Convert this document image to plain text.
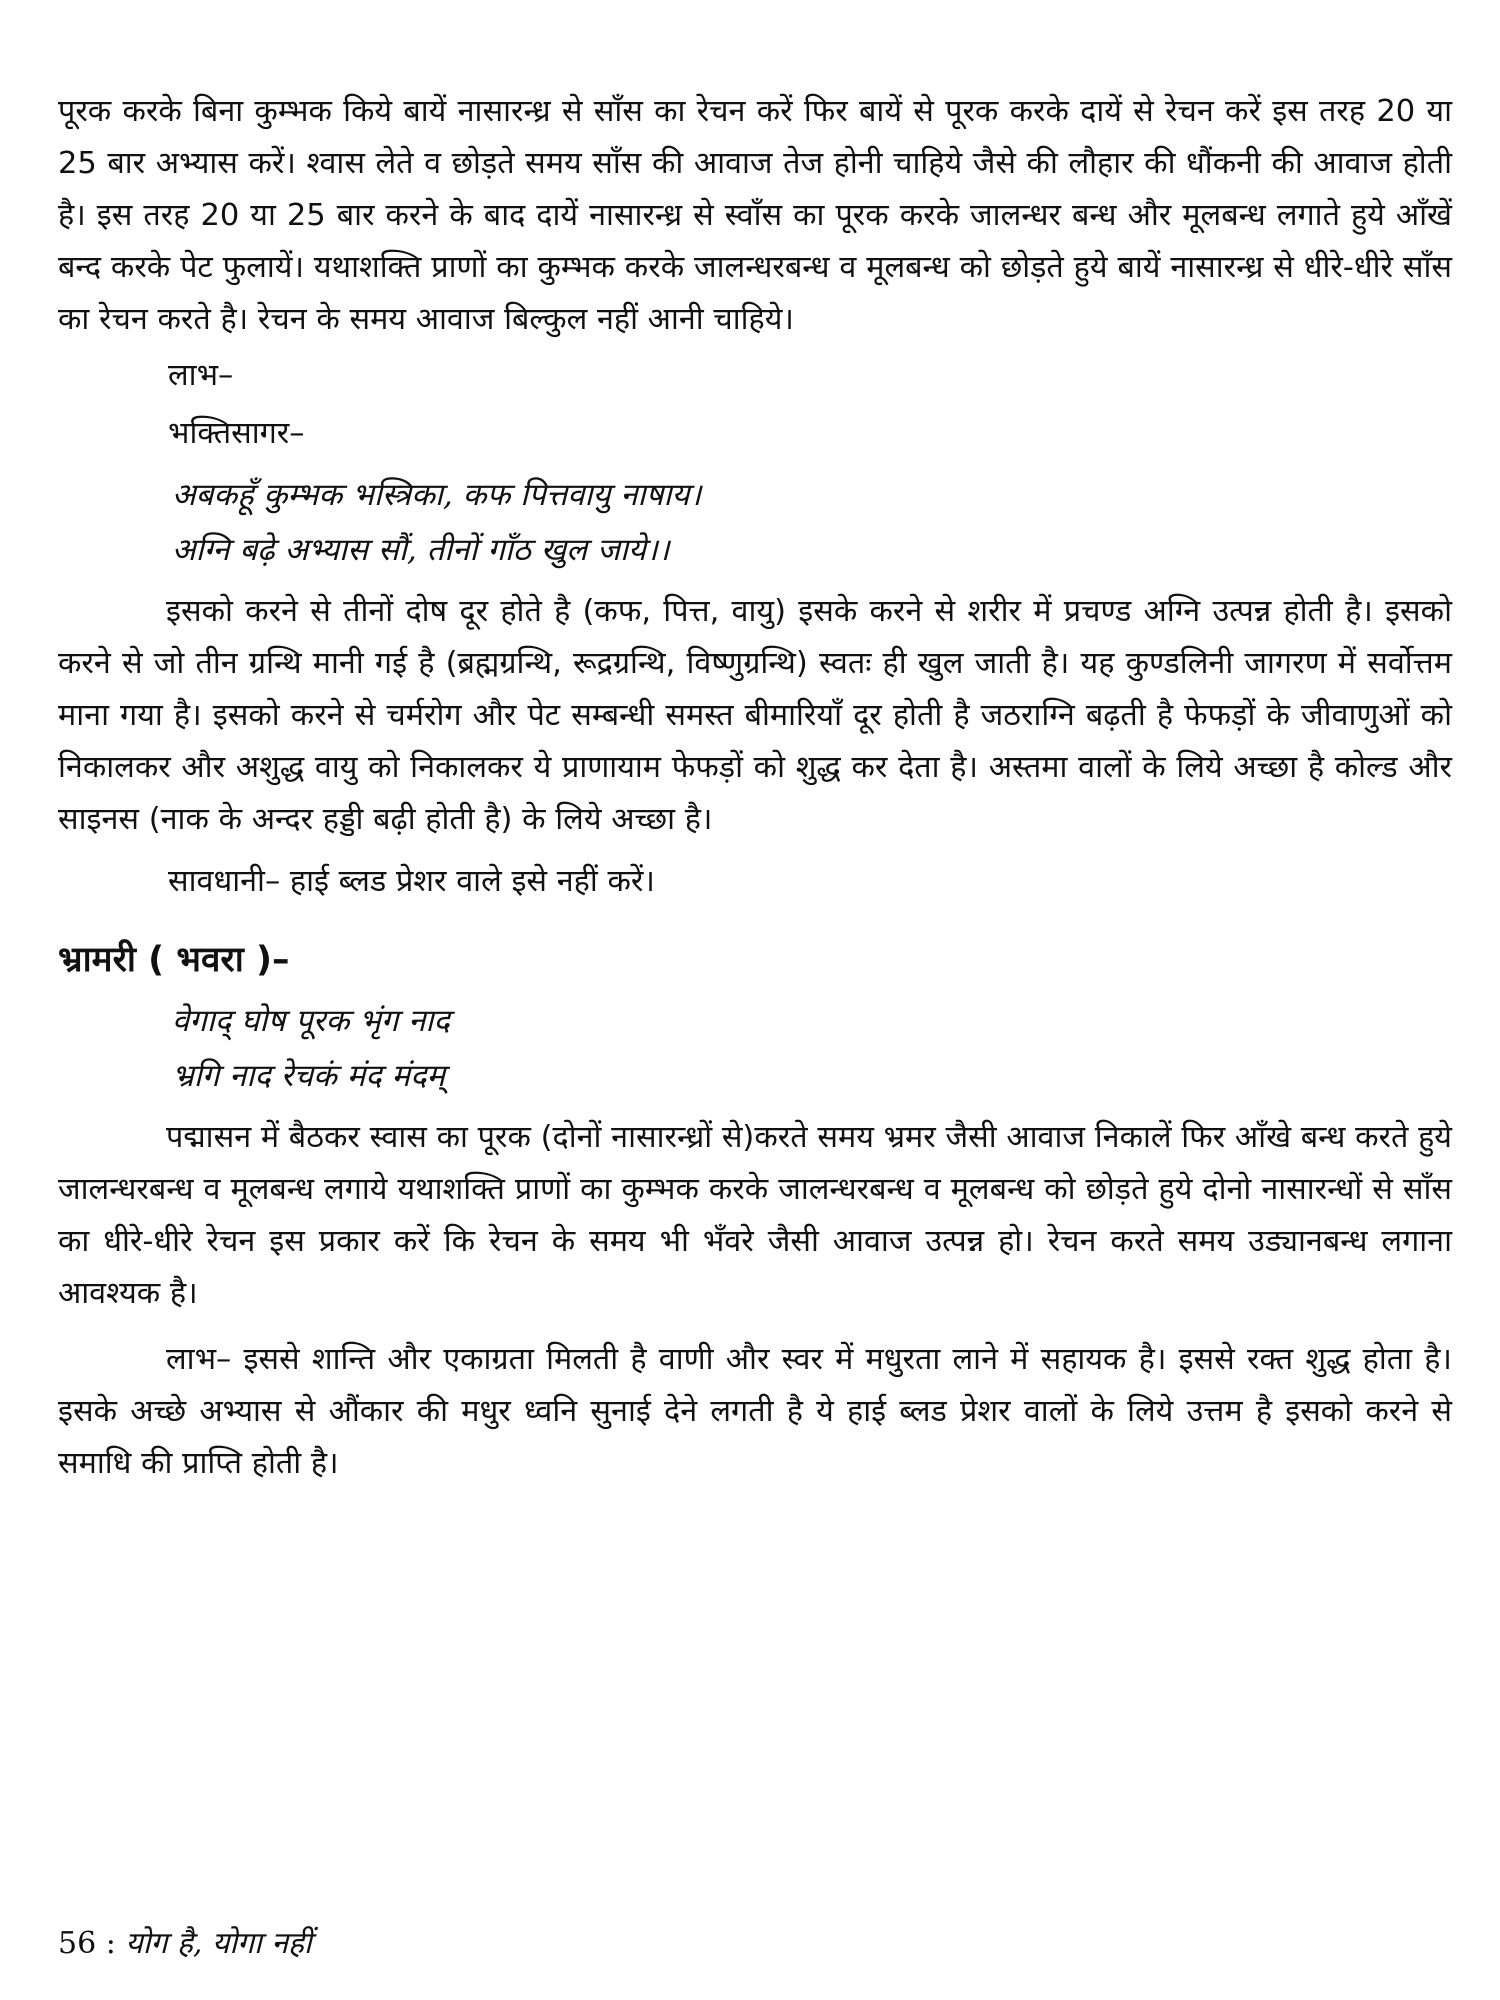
पूरक करके बिना कुम्भक किये बायें नासारन्ध्र से साँस का रेचन करें फिर बायें से पूरक करके दायें से रेचन करें इस तरह 20 या 25 बार अभ्यास करें। श्वास लेते व छोड़ते समय साँस की आवाज तेज होनी चाहिये जैसे की लौहार की धौंकनी की आवाज होती है। इस तरह 20 या 25 बार करने के बाद दायें नासारन्ध्र से स्वाँस का पूरक करके जालन्धर बन्ध और मूलबन्ध लगाते हुये आँखें बन्द करके पेट फुलायें। यथाशक्ति प्राणों का कुम्भक करके जालन्धरबन्ध व मूलबन्ध को छोड़ते हुये बायें नासारन्ध्र से धीरे-धीरे साँस का रेचन करते है। रेचन के समय आवाज बिल्कुल नहीं आनी चाहिये।

लाभ–
भक्तिसागर–
अबकहूँ कुम्भक भस्त्रिका, कफ पित्तवायु नाषाय।
अग्नि बढ़े अभ्यास सौं, तीनों गाँठ खुल जाये।।

इसको करने से तीनों दोष दूर होते है (कफ, पित्त, वायु) इसके करने से शरीर में प्रचण्ड अग्नि उत्पन्न होती है। इसको करने से जो तीन ग्रन्थि मानी गई है (ब्रह्मग्रन्थि, रूद्रग्रन्थि, विष्णुग्रन्थि) स्वतः ही खुल जाती है। यह कुण्डलिनी जागरण में सर्वोत्तम माना गया है। इसको करने से चर्मरोग और पेट सम्बन्धी समस्त बीमारियाँ दूर होती है जठराग्नि बढ़ती है फेफड़ों के जीवाणुओं को निकालकर और अशुद्ध वायु को निकालकर ये प्राणायाम फेफड़ों को शुद्ध कर देता है। अस्तमा वालों के लिये अच्छा है कोल्ड और साइनस (नाक के अन्दर हड्डी बढ़ी होती है) के लिये अच्छा है।

सावधानी– हाई ब्लड प्रेशर वाले इसे नहीं करें।
भ्रामरी ( भवरा )–
वेगाद् घोष पूरक भृंग नाद
भ्रगि नाद रेचकं मंद मंदम्

पद्मासन में बैठकर स्वास का पूरक (दोनों नासारन्ध्रों से)करते समय भ्रमर जैसी आवाज निकालें फिर आँखे बन्ध करते हुये जालन्धरबन्ध व मूलबन्ध लगाये यथाशक्ति प्राणों का कुम्भक करके जालन्धरबन्ध व मूलबन्ध को छोड़ते हुये दोनो नासारन्धों से साँस का धीरे-धीरे रेचन इस प्रकार करें कि रेचन के समय भी भँवरे जैसी आवाज उत्पन्न हो। रेचन करते समय उड्यानबन्ध लगाना आवश्यक है।

लाभ– इससे शान्ति और एकाग्रता मिलती है वाणी और स्वर में मधुरता लाने में सहायक है। इससे रक्त शुद्ध होता है। इसके अच्छे अभ्यास से औंकार की मधुर ध्वनि सुनाई देने लगती है ये हाई ब्लड प्रेशर वालों के लिये उत्तम है इसको करने से समाधि की प्राप्ति होती है।

56 : योग है, योगा नहीं
